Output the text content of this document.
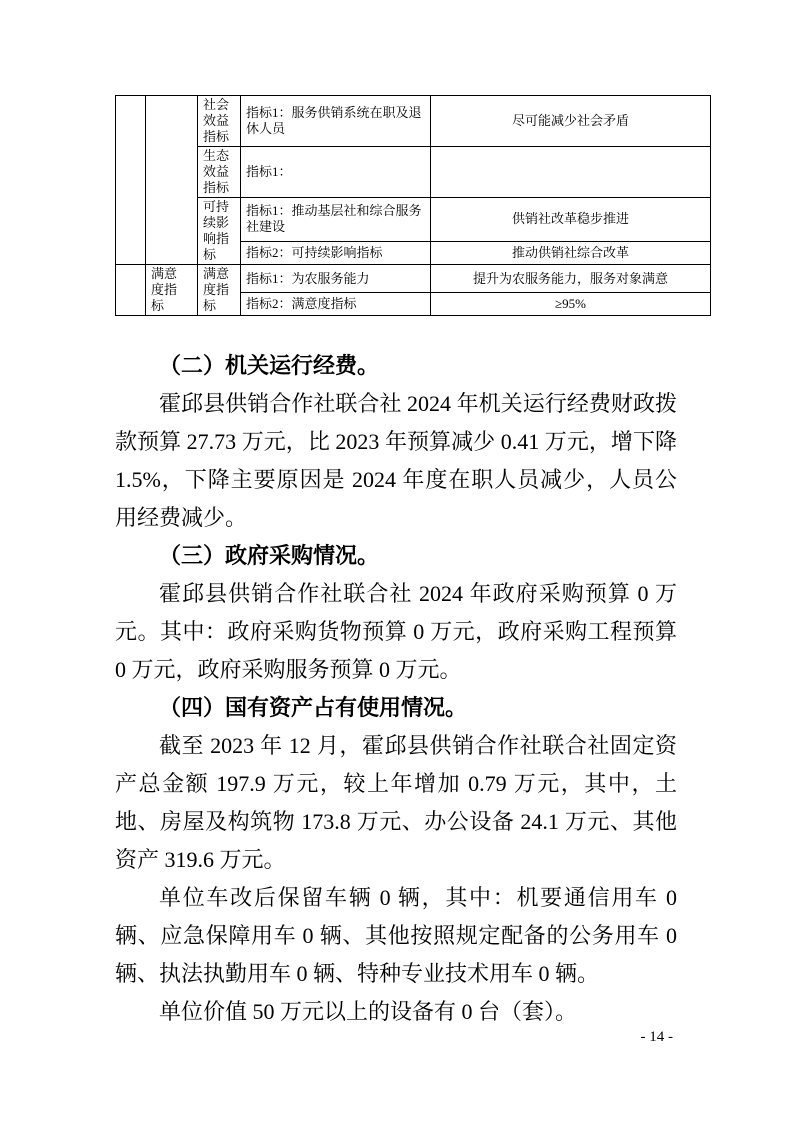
		社会效益指标	指标1：服务供销系统在职及退休人员	尽可能减少社会矛盾
		生态效益指标	指标1：	
		可持续影响指标	指标1：推动基层社和综合服务社建设	供销社改革稳步推进
			指标2：可持续影响指标	推动供销社综合改革
	满意度指标	满意度指标	指标1：为农服务能力	提升为农服务能力，服务对象满意
			指标2：满意度指标	≥95%
（二）机关运行经费。

霍邱县供销合作社联合社 2024 年机关运行经费财政拨款预算 27.73 万元，比 2023 年预算减少 0.41 万元，增下降 1.5%，下降主要原因是 2024 年度在职人员减少，人员公用经费减少。

（三）政府采购情况。

霍邱县供销合作社联合社 2024 年政府采购预算 0 万元。其中：政府采购货物预算 0 万元，政府采购工程预算 0 万元，政府采购服务预算 0 万元。

（四）国有资产占有使用情况。

截至 2023 年 12 月，霍邱县供销合作社联合社固定资产总金额 197.9 万元，较上年增加 0.79 万元，其中，土地、房屋及构筑物 173.8 万元、办公设备 24.1 万元、其他资产 319.6 万元。

单位车改后保留车辆 0 辆，其中：机要通信用车 0 辆、应急保障用车 0 辆、其他按照规定配备的公务用车 0 辆、执法执勤用车 0 辆、特种专业技术用车 0 辆。

单位价值 50 万元以上的设备有 0 台（套）。

- 14 -
